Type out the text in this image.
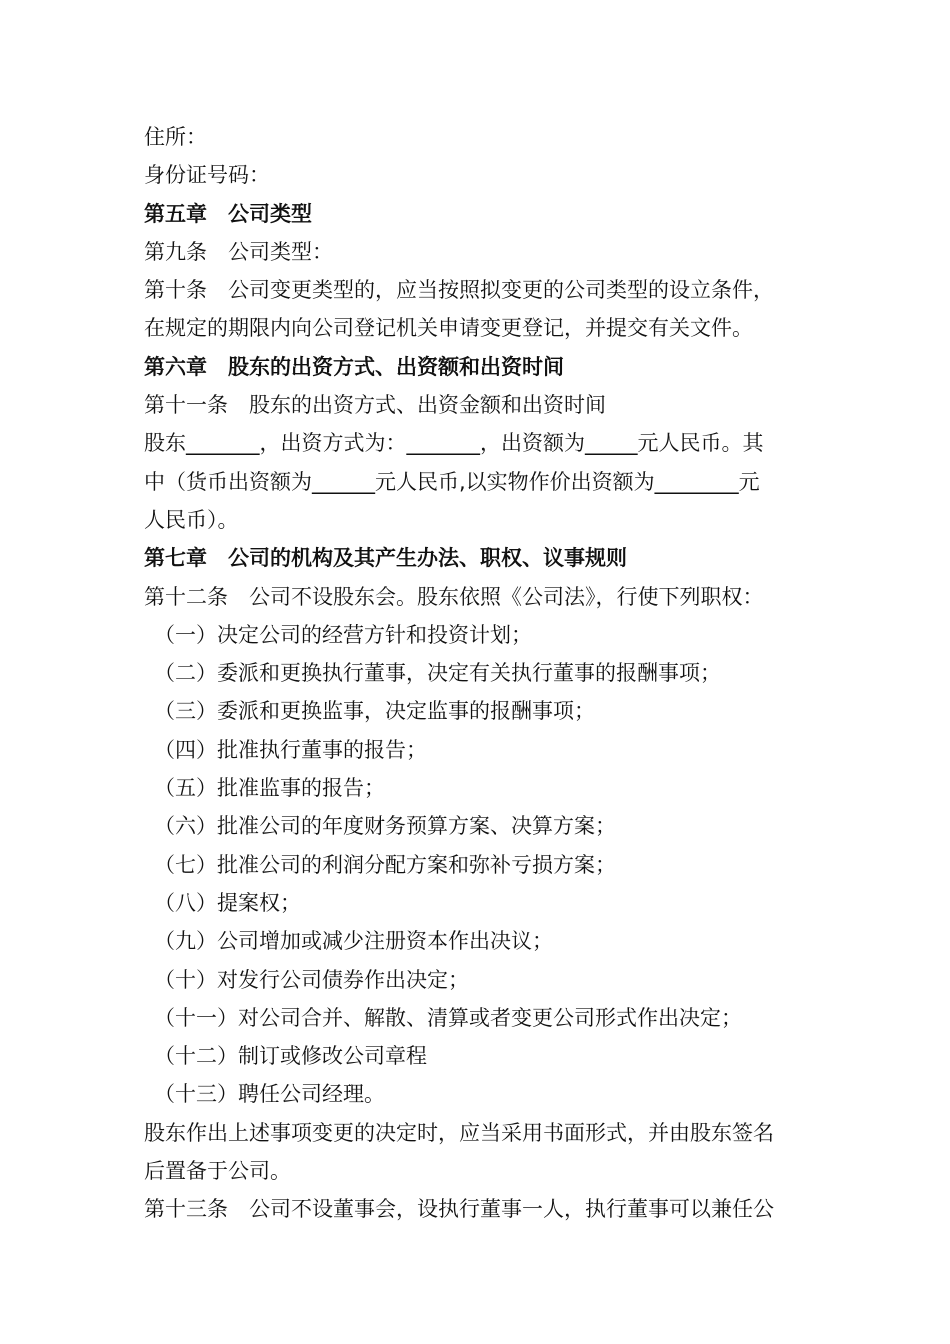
住所：
身份证号码：
第五章　公司类型
第九条　公司类型：
第十条　公司变更类型的，应当按照拟变更的公司类型的设立条件，
在规定的期限内向公司登记机关申请变更登记，并提交有关文件。
第六章　股东的出资方式、出资额和出资时间
第十一条　股东的出资方式、出资金额和出资时间
股东_______，出资方式为：_______，出资额为_____元人民币。其
中（货币出资额为______元人民币,以实物作价出资额为________元
人民币）。
第七章　公司的机构及其产生办法、职权、议事规则
第十二条　公司不设股东会。股东依照《公司法》，行使下列职权：
（一）决定公司的经营方针和投资计划；
（二）委派和更换执行董事，决定有关执行董事的报酬事项；
（三）委派和更换监事，决定监事的报酬事项；
（四）批准执行董事的报告；
（五）批准监事的报告；
（六）批准公司的年度财务预算方案、决算方案；
（七）批准公司的利润分配方案和弥补亏损方案；
（八）提案权；
（九）公司增加或减少注册资本作出决议；
（十）对发行公司债券作出决定；
（十一）对公司合并、解散、清算或者变更公司形式作出决定；
（十二）制订或修改公司章程
（十三）聘任公司经理。
股东作出上述事项变更的决定时，应当采用书面形式，并由股东签名
后置备于公司。
第十三条　公司不设董事会，设执行董事一人，执行董事可以兼任公
